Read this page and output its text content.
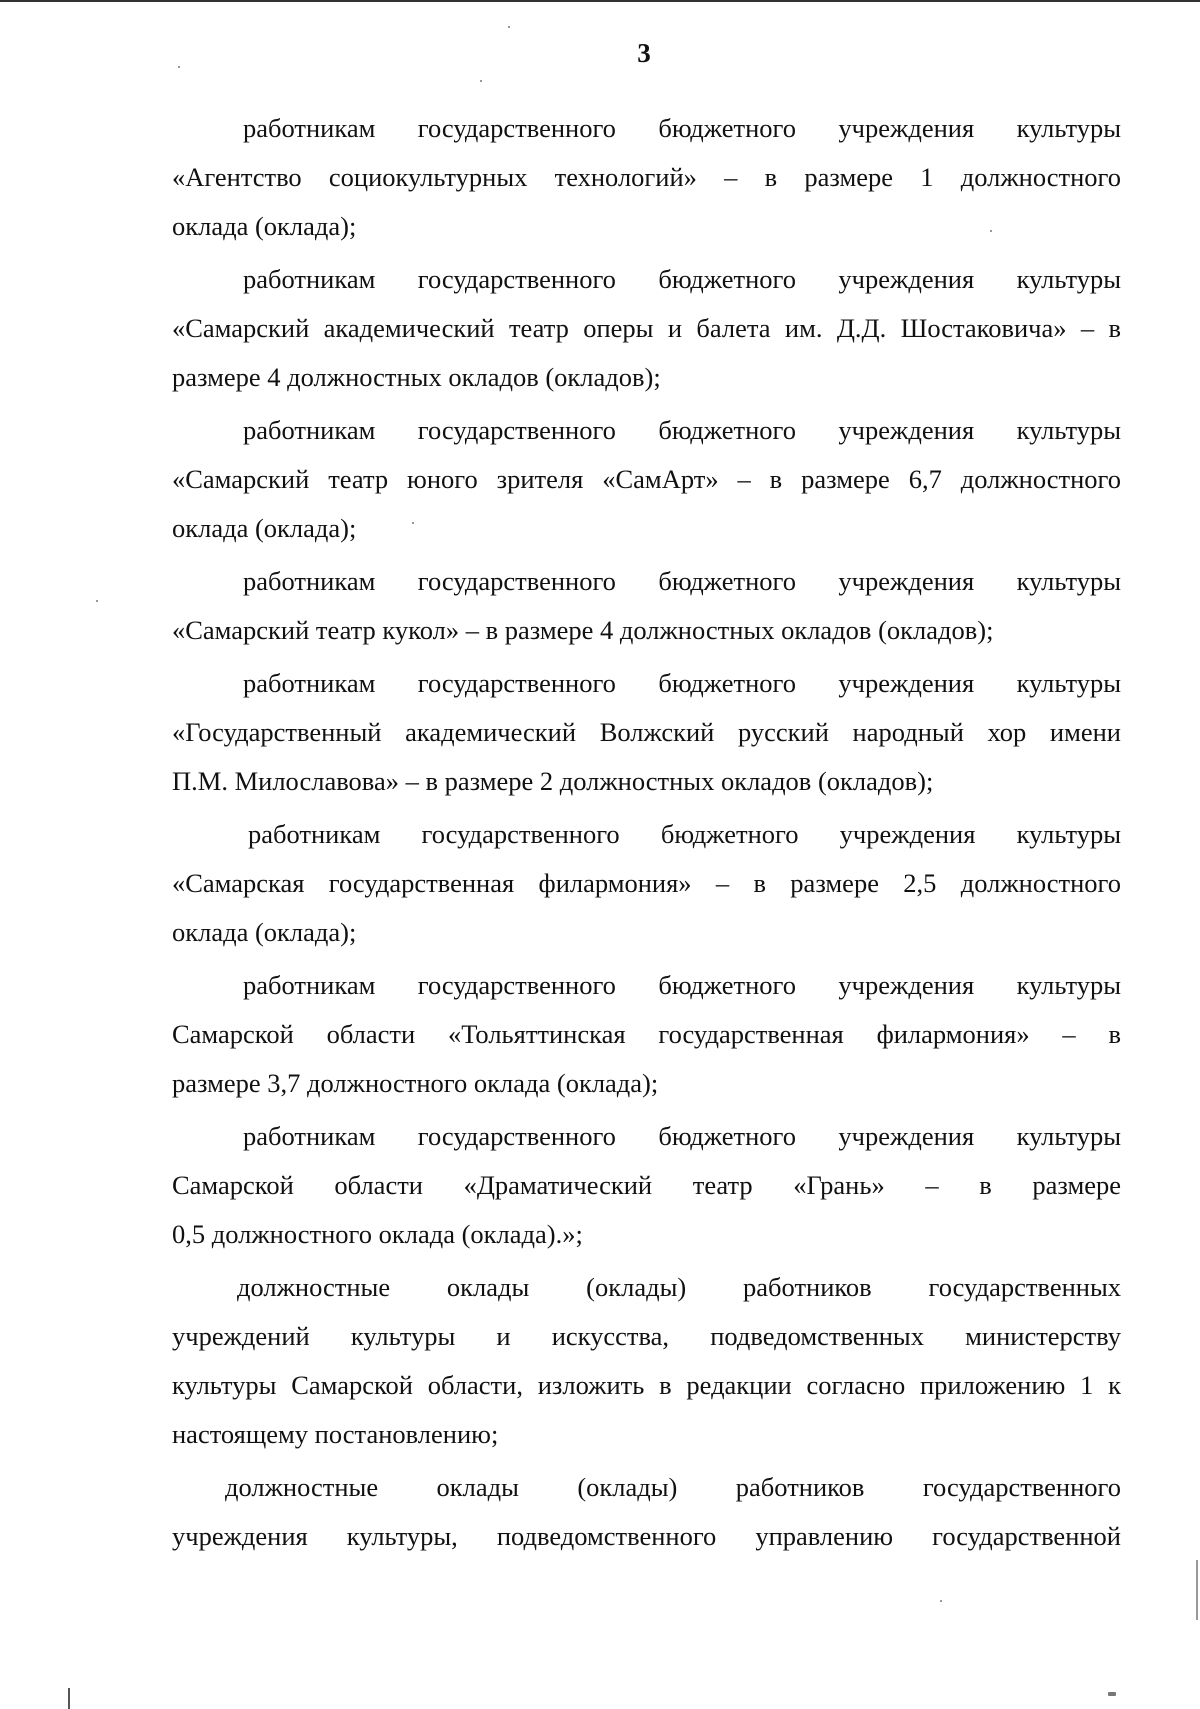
3
работникам государственного бюджетного учреждения культуры
«Агентство социокультурных технологий» – в размере 1 должностного
оклада (оклада);
работникам государственного бюджетного учреждения культуры
«Самарский академический театр оперы и балета им. Д.Д. Шостаковича» – в
размере 4 должностных окладов (окладов);
работникам государственного бюджетного учреждения культуры
«Самарский театр юного зрителя «СамАрт» – в размере 6,7 должностного
оклада (оклада);
работникам государственного бюджетного учреждения культуры
«Самарский театр кукол» – в размере 4 должностных окладов (окладов);
работникам государственного бюджетного учреждения культуры
«Государственный академический Волжский русский народный хор имени
П.М. Милославова» – в размере 2 должностных окладов (окладов);
работникам государственного бюджетного учреждения культуры
«Самарская государственная филармония» – в размере 2,5 должностного
оклада (оклада);
работникам государственного бюджетного учреждения культуры
Самарской области «Тольяттинская государственная филармония» – в
размере 3,7 должностного оклада (оклада);
работникам государственного бюджетного учреждения культуры
Самарской области «Драматический театр «Грань» – в размере
0,5 должностного оклада (оклада).»;
должностные оклады (оклады) работников государственных
учреждений культуры и искусства, подведомственных министерству
культуры Самарской области, изложить в редакции согласно приложению 1 к
настоящему постановлению;
должностные оклады (оклады) работников государственного
учреждения культуры, подведомственного управлению государственной
